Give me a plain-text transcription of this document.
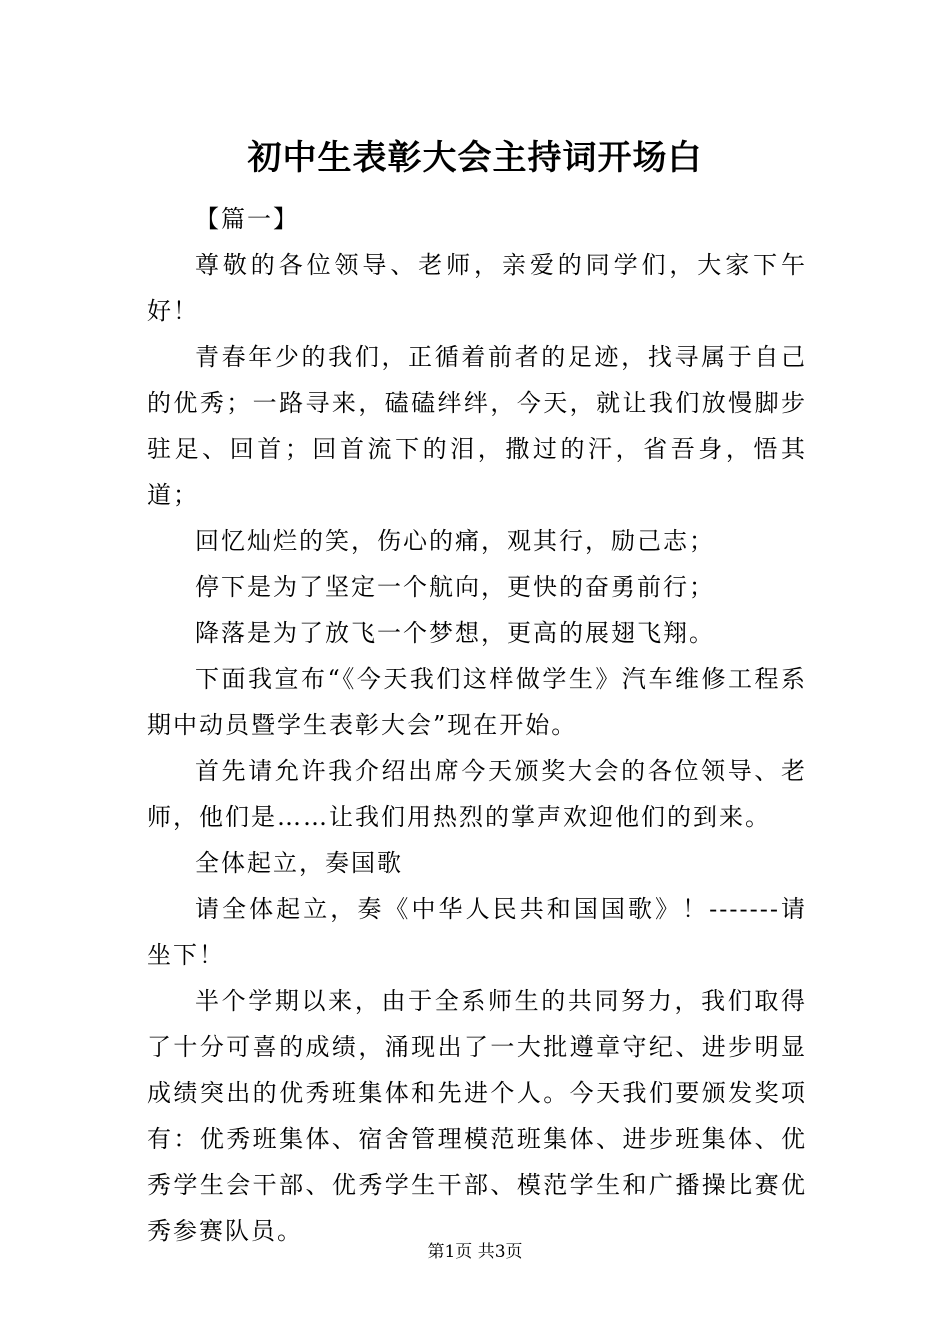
初中生表彰大会主持词开场白

【篇一】

尊敬的各位领导、老师，亲爱的同学们，大家下午好！

青春年少的我们，正循着前者的足迹，找寻属于自己的优秀；一路寻来，磕磕绊绊，今天，就让我们放慢脚步驻足、回首；回首流下的泪，撒过的汗，省吾身，悟其道；

回忆灿烂的笑，伤心的痛，观其行，励己志；

停下是为了坚定一个航向，更快的奋勇前行；

降落是为了放飞一个梦想，更高的展翅飞翔。

下面我宣布“《今天我们这样做学生》汽车维修工程系期中动员暨学生表彰大会”现在开始。

首先请允许我介绍出席今天颁奖大会的各位领导、老师，他们是……让我们用热烈的掌声欢迎他们的到来。

全体起立，奏国歌

请全体起立，奏《中华人民共和国国歌》！-------请坐下！

半个学期以来，由于全系师生的共同努力，我们取得了十分可喜的成绩，涌现出了一大批遵章守纪、进步明显成绩突出的优秀班集体和先进个人。今天我们要颁发奖项有：优秀班集体、宿舍管理模范班集体、进步班集体、优秀学生会干部、优秀学生干部、模范学生和广播操比赛优秀参赛队员。

第1页 共3页
